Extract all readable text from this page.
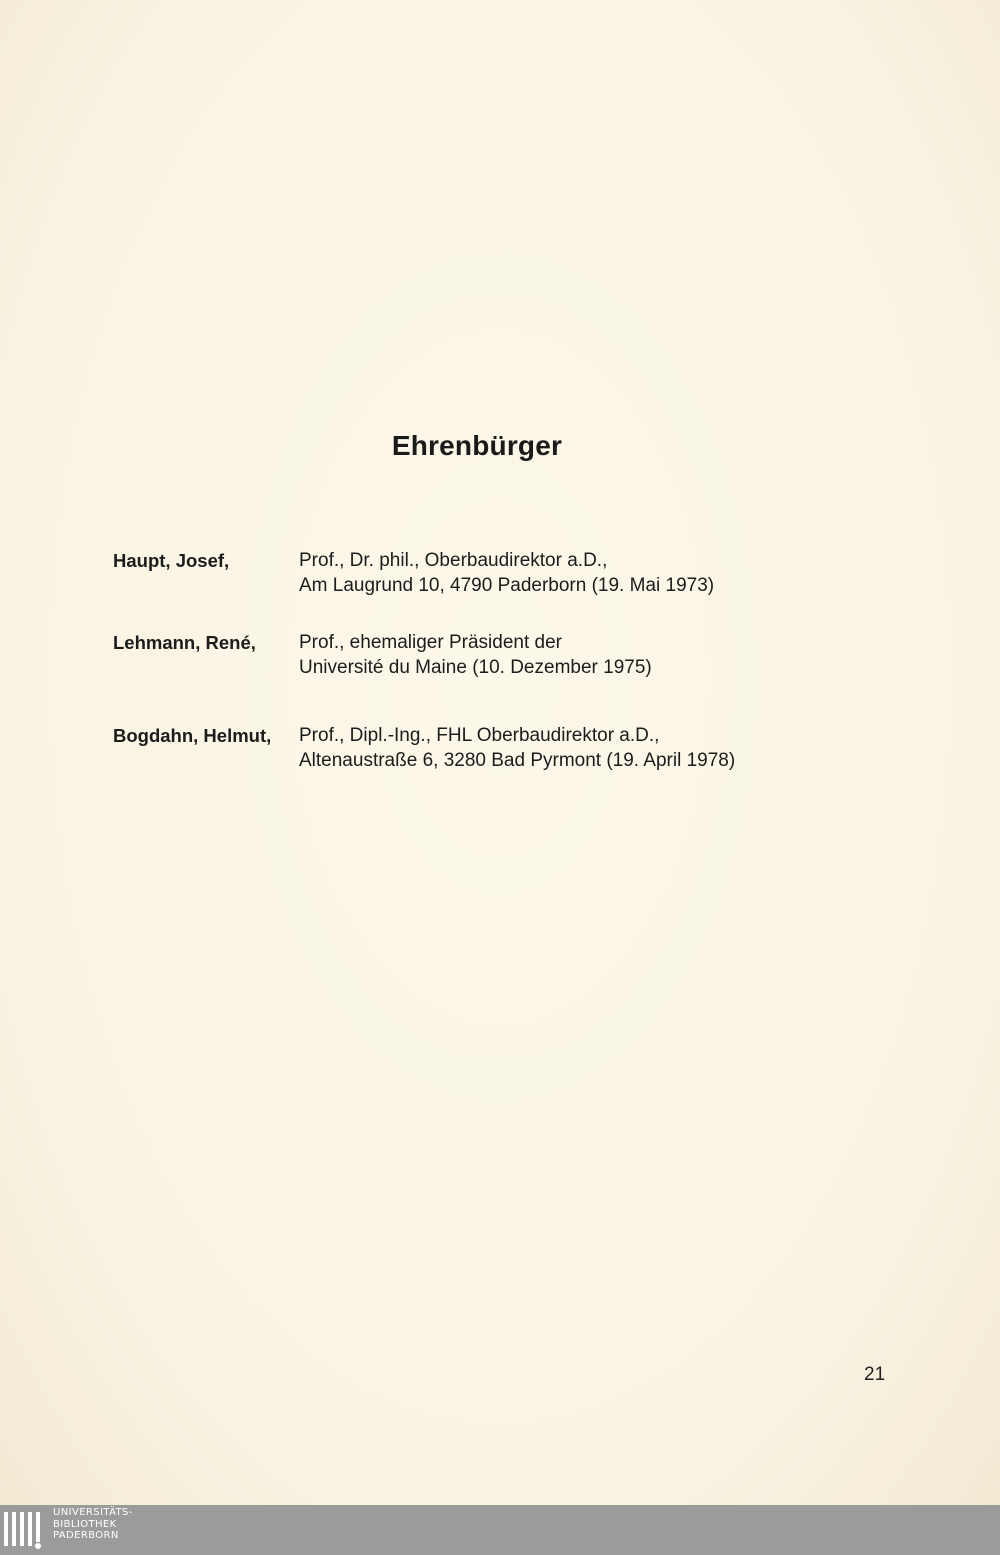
Ehrenbürger
Haupt, Josef,	Prof., Dr. phil., Oberbaudirektor a.D.,
Am Laugrund 10, 4790 Paderborn (19. Mai 1973)
Lehmann, René, Prof., ehemaliger Präsident der
Université du Maine (10. Dezember 1975)
Bogdahn, Helmut, Prof., Dipl.-Ing., FHL Oberbaudirektor a.D.,
Altenaustraße 6, 3280 Bad Pyrmont (19. April 1978)
21
UNIVERSITÄTS-
BIBLIOTHEK
PADERBORN
